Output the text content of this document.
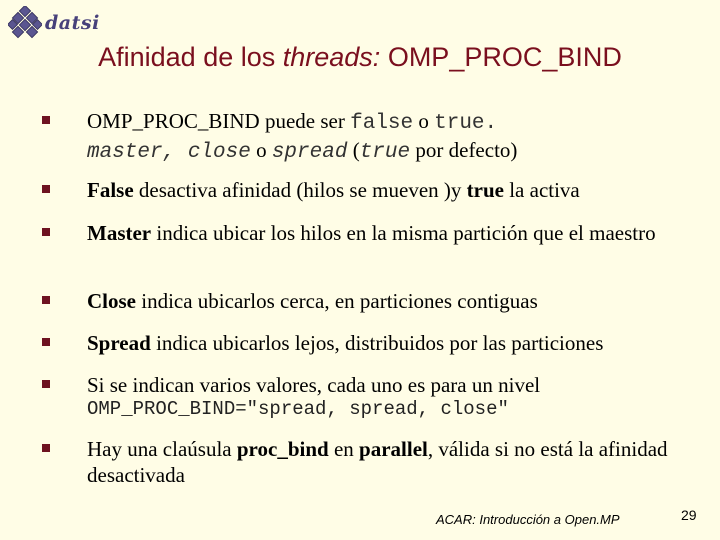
datsi
Afinidad de los threads: OMP_PROC_BIND
OMP_PROC_BIND puede ser false o true.
master, close o spread (true por defecto)
False desactiva afinidad (hilos se mueven )y true la activa
Master indica ubicar los hilos en la misma partición que el maestro
Close indica ubicarlos cerca, en particiones contiguas
Spread indica ubicarlos lejos, distribuidos por las particiones
Si se indican varios valores, cada uno es para un nivel
OMP_PROC_BIND="spread, spread, close"
Hay una claúsula proc_bind en parallel, válida si no está la afinidad desactivada
ACAR: Introducción a Open.MP	29
